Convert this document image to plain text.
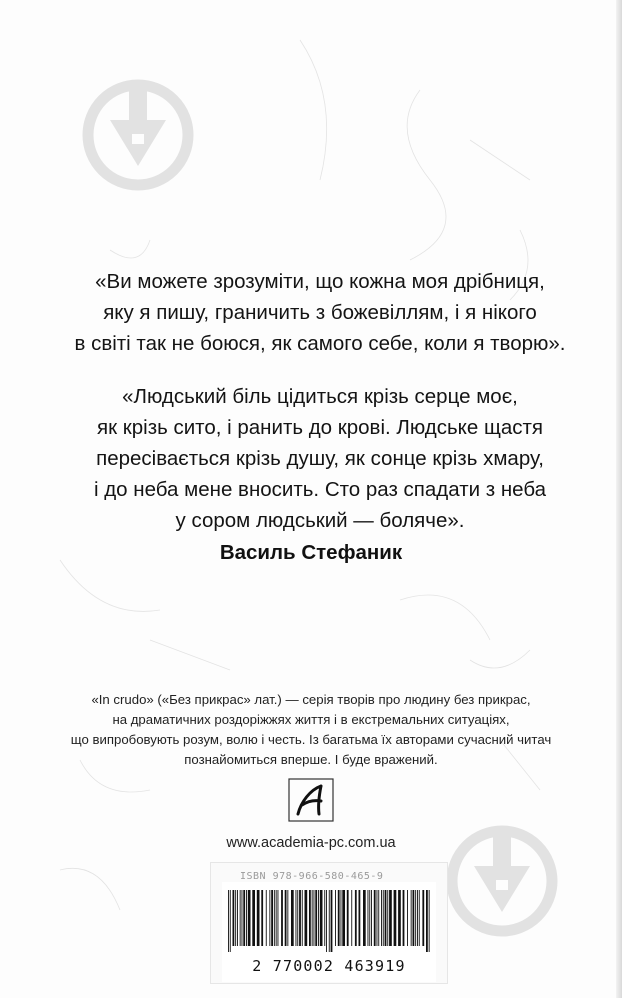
«Ви можете зрозуміти, що кожна моя дрібниця,
яку я пишу, граничить з божевіллям, і я нікого
в світі так не боюся, як самого себе, коли я творю».
«Людський біль цідиться крізь серце моє,
як крізь сито, і ранить до крові. Людське щастя
пересівається крізь душу, як сонце крізь хмару,
і до неба мене вносить. Сто раз спадати з неба
у сором людський — боляче».
Василь Стефаник
«In crudo» («Без прикрас» лат.) — серія творів про людину без прикрас,
на драматичних роздоріжжях життя і в екстремальних ситуаціях,
що випробовують розум, волю і честь. Із багатьма їх авторами сучасний читач
познайомиться вперше. І буде вражений.
www.academia-pc.com.ua
ISBN 978-966-580-465-9
2 770002 463919
